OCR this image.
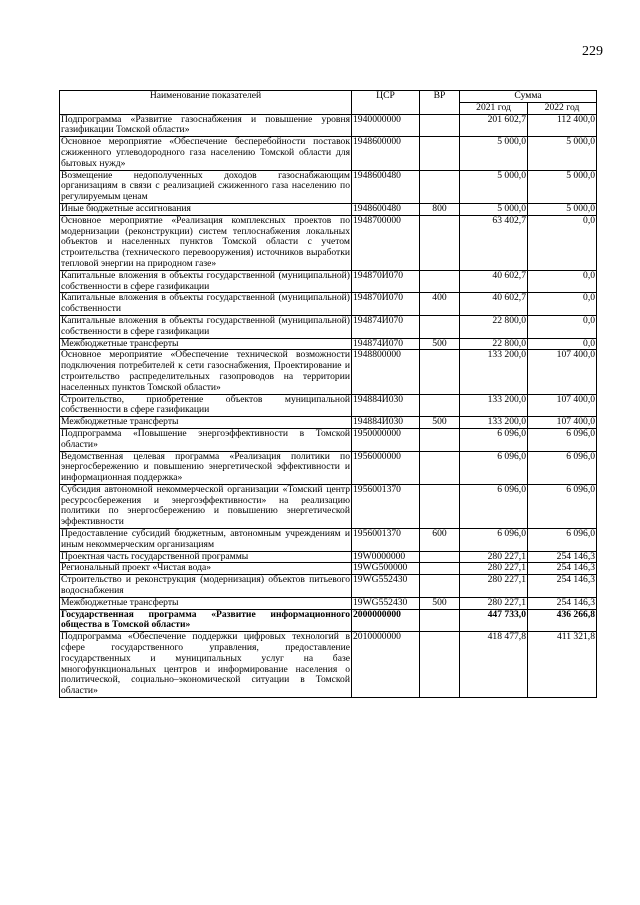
229
Наименование показателей	ЦСР	ВР	Сумма	
			2021 год	2022 год
Подпрограмма «Развитие газоснабжения и повышение уровня газификации Томской области»	1940000000		201 602,7	112 400,0
Основное мероприятие «Обеспечение бесперебойности поставок сжиженного углеводородного газа населению Томской области для бытовых нужд»	1948600000		5 000,0	5 000,0
Возмещение недополученных доходов газоснабжающим организациям в связи с реализацией сжиженного газа населению по регулируемым ценам	1948600480		5 000,0	5 000,0
Иные бюджетные ассигнования	1948600480	800	5 000,0	5 000,0
Основное мероприятие «Реализация комплексных проектов по модернизации (реконструкции) систем теплоснабжения локальных объектов и населенных пунктов Томской области с учетом строительства (технического перевооружения) источников выработки тепловой энергии на природном газе»	1948700000		63 402,7	0,0
Капитальные вложения в объекты государственной (муниципальной) собственности в сфере газификации	194870И070		40 602,7	0,0
Капитальные вложения в объекты государственной (муниципальной) собственности	194870И070	400	40 602,7	0,0
Капитальные вложения в объекты государственной (муниципальной) собственности в сфере газификации	194874И070		22 800,0	0,0
Межбюджетные трансферты	194874И070	500	22 800,0	0,0
Основное мероприятие «Обеспечение технической возможности подключения потребителей к сети газоснабжения, Проектирование и строительство распределительных газопроводов на территории населенных пунктов Томской области»	1948800000		133 200,0	107 400,0
Строительство, приобретение объектов муниципальной собственности в сфере газификации	194884И030		133 200,0	107 400,0
Межбюджетные трансферты	194884И030	500	133 200,0	107 400,0
Подпрограмма «Повышение энергоэффективности в Томской области»	1950000000		6 096,0	6 096,0
Ведомственная целевая программа «Реализация политики по энергосбережению и повышению энергетической эффективности и информационная поддержка»	1956000000		6 096,0	6 096,0
Субсидия автономной некоммерческой организации «Томский центр ресурсосбережения и энергоэффективности» на реализацию политики по энергосбережению и повышению энергетической эффективности	1956001370		6 096,0	6 096,0
Предоставление субсидий бюджетным, автономным учреждениям и иным некоммерческим организациям	1956001370	600	6 096,0	6 096,0
Проектная часть государственной программы	19W0000000		280 227,1	254 146,3
Региональный проект «Чистая вода»	19WG500000		280 227,1	254 146,3
Строительство и реконструкция (модернизация) объектов питьевого водоснабжения	19WG552430		280 227,1	254 146,3
Межбюджетные трансферты	19WG552430	500	280 227,1	254 146,3
Государственная программа «Развитие информационного общества в Томской области»	2000000000		447 733,0	436 266,8
Подпрограмма «Обеспечение поддержки цифровых технологий в сфере государственного управления, предоставление государственных и муниципальных услуг на базе многофункциональных центров и информирование населения о политической, социально–экономической ситуации в Томской области»	2010000000		418 477,8	411 321,8
